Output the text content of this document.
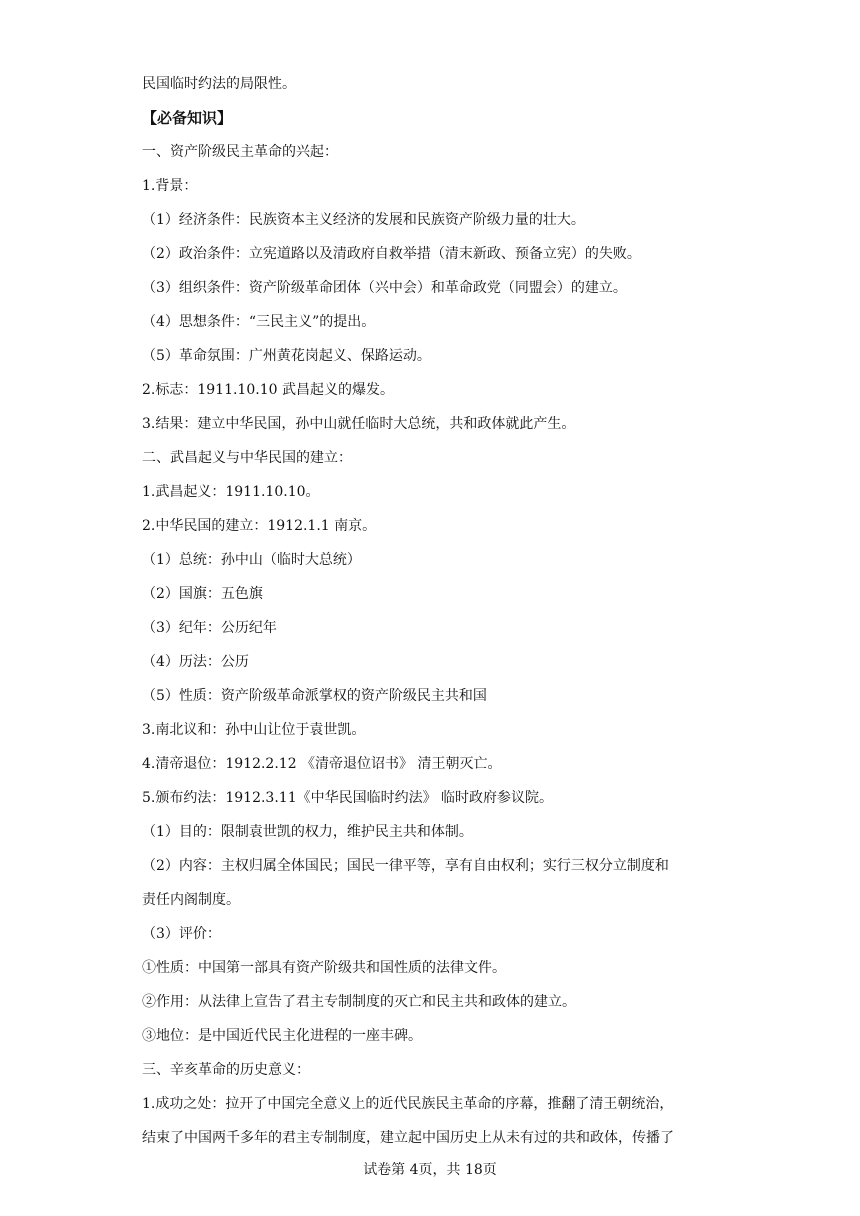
民国临时约法的局限性。
【必备知识】
一、资产阶级民主革命的兴起：
1.背景：
（1）经济条件：民族资本主义经济的发展和民族资产阶级力量的壮大。
（2）政治条件：立宪道路以及清政府自救举措（清末新政、预备立宪）的失败。
（3）组织条件：资产阶级革命团体（兴中会）和革命政党（同盟会）的建立。
（4）思想条件：“三民主义”的提出。
（5）革命氛围：广州黄花岗起义、保路运动。
2.标志：1911.10.10 武昌起义的爆发。
3.结果：建立中华民国，孙中山就任临时大总统，共和政体就此产生。
二、武昌起义与中华民国的建立：
1.武昌起义：1911.10.10。
2.中华民国的建立：1912.1.1 南京。
（1）总统：孙中山（临时大总统）
（2）国旗：五色旗
（3）纪年：公历纪年
（4）历法：公历
（5）性质：资产阶级革命派掌权的资产阶级民主共和国
3.南北议和：孙中山让位于袁世凯。
4.清帝退位：1912.2.12 《清帝退位诏书》 清王朝灭亡。
5.颁布约法：1912.3.11《中华民国临时约法》 临时政府参议院。
（1）目的：限制袁世凯的权力，维护民主共和体制。
（2）内容：主权归属全体国民；国民一律平等，享有自由权利；实行三权分立制度和
责任内阁制度。
（3）评价：
①性质：中国第一部具有资产阶级共和国性质的法律文件。
②作用：从法律上宣告了君主专制制度的灭亡和民主共和政体的建立。
③地位：是中国近代民主化进程的一座丰碑。
三、辛亥革命的历史意义：
1.成功之处：拉开了中国完全意义上的近代民族民主革命的序幕，推翻了清王朝统治，
结束了中国两千多年的君主专制制度，建立起中国历史上从未有过的共和政体，传播了
试卷第 4页，共 18页
